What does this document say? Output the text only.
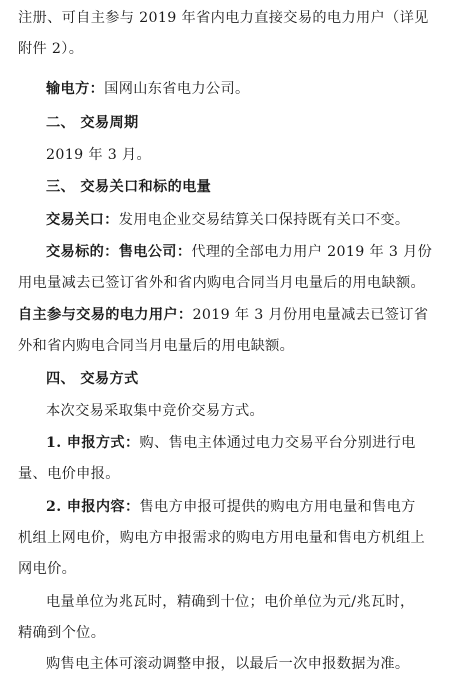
注册、可自主参与 2019 年省内电力直接交易的电力用户（详见
附件 2）。
输电方：国网山东省电力公司。
二、 交易周期
2019 年 3 月。
三、 交易关口和标的电量
交易关口：发用电企业交易结算关口保持既有关口不变。
交易标的：售电公司：代理的全部电力用户 2019 年 3 月份
用电量减去已签订省外和省内购电合同当月电量后的用电缺额。
自主参与交易的电力用户：2019 年 3 月份用电量减去已签订省
外和省内购电合同当月电量后的用电缺额。
四、 交易方式
本次交易采取集中竞价交易方式。
1. 申报方式：购、售电主体通过电力交易平台分别进行电
量、电价申报。
2. 申报内容：售电方申报可提供的购电方用电量和售电方
机组上网电价，购电方申报需求的购电方用电量和售电方机组上
网电价。
电量单位为兆瓦时，精确到十位；电价单位为元/兆瓦时，
精确到个位。
购售电主体可滚动调整申报，以最后一次申报数据为准。
